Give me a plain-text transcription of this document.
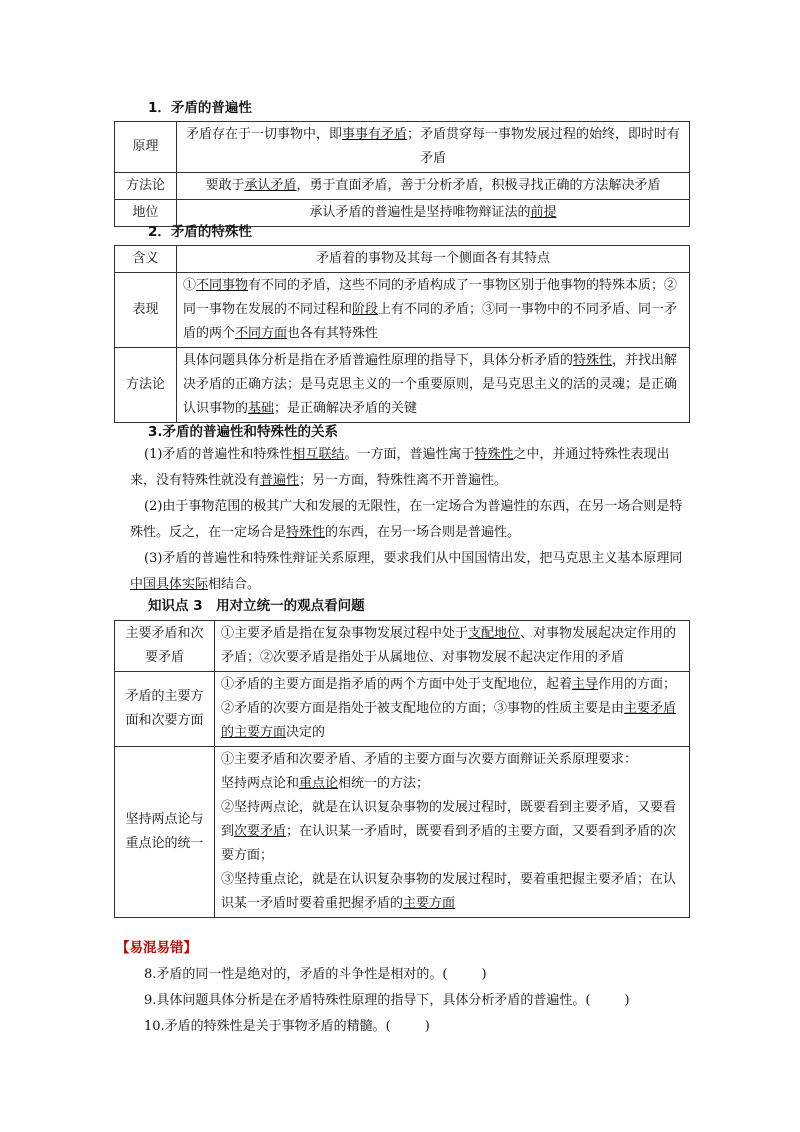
1．矛盾的普遍性
原理	矛盾存在于一切事物中，即事事有矛盾；矛盾贯穿每一事物发展过程的始终，即时时有矛盾
方法论	要敢于承认矛盾，勇于直面矛盾，善于分析矛盾，积极寻找正确的方法解决矛盾
地位	承认矛盾的普遍性是坚持唯物辩证法的前提
2．矛盾的特殊性
含义	矛盾着的事物及其每一个侧面各有其特点
表现	①不同事物有不同的矛盾，这些不同的矛盾构成了一事物区别于他事物的特殊本质；②同一事物在发展的不同过程和阶段上有不同的矛盾；③同一事物中的不同矛盾、同一矛盾的两个不同方面也各有其特殊性
方法论	具体问题具体分析是指在矛盾普遍性原理的指导下，具体分析矛盾的特殊性，并找出解决矛盾的正确方法；是马克思主义的一个重要原则，是马克思主义的活的灵魂；是正确认识事物的基础；是正确解决矛盾的关键
3.矛盾的普遍性和特殊性的关系
(1)矛盾的普遍性和特殊性相互联结。一方面，普遍性寓于特殊性之中，并通过特殊性表现出来，没有特殊性就没有普遍性；另一方面，特殊性离不开普遍性。
(2)由于事物范围的极其广大和发展的无限性，在一定场合为普遍性的东西，在另一场合则是特殊性。反之，在一定场合是特殊性的东西，在另一场合则是普遍性。
(3)矛盾的普遍性和特殊性辩证关系原理，要求我们从中国国情出发，把马克思主义基本原理同中国具体实际相结合。
知识点 3　用对立统一的观点看问题
主要矛盾和次要矛盾	①主要矛盾是指在复杂事物发展过程中处于支配地位、对事物发展起决定作用的矛盾；②次要矛盾是指处于从属地位、对事物发展不起决定作用的矛盾
矛盾的主要方面和次要方面	①矛盾的主要方面是指矛盾的两个方面中处于支配地位，起着主导作用的方面；②矛盾的次要方面是指处于被支配地位的方面；③事物的性质主要是由主要矛盾的主要方面决定的
坚持两点论与重点论的统一	①主要矛盾和次要矛盾、矛盾的主要方面与次要方面辩证关系原理要求：
坚持两点论和重点论相统一的方法；
②坚持两点论，就是在认识复杂事物的发展过程时，既要看到主要矛盾，又要看到次要矛盾；在认识某一矛盾时，既要看到矛盾的主要方面，又要看到矛盾的次要方面；
③坚持重点论，就是在认识复杂事物的发展过程时，要着重把握主要矛盾；在认识某一矛盾时要着重把握矛盾的主要方面
【易混易错】
8.矛盾的同一性是绝对的，矛盾的斗争性是相对的。(	)
9.具体问题具体分析是在矛盾特殊性原理的指导下，具体分析矛盾的普遍性。(	)
10.矛盾的特殊性是关于事物矛盾的精髓。(	)
